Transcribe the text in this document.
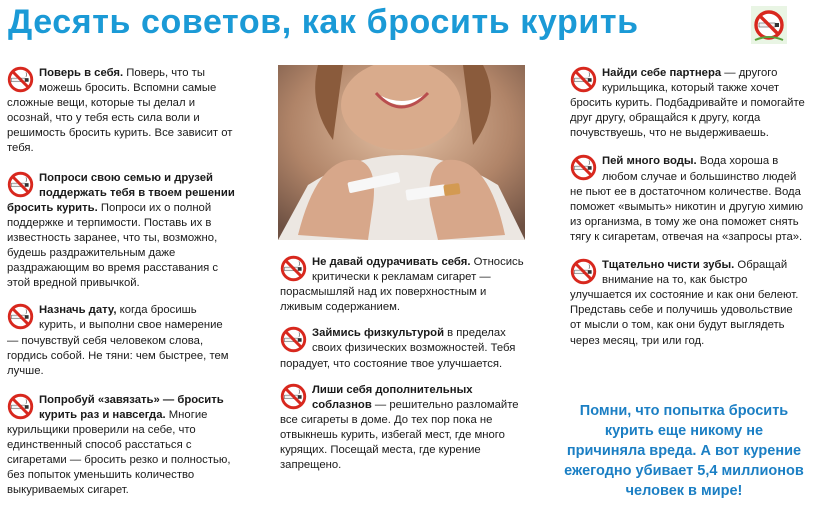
Десять советов, как бросить курить
Поверь в себя. Поверь, что ты можешь бросить. Вспомни самые сложные вещи, которые ты делал и осознай, что у тебя есть сила воли и решимость бросить курить. Все зависит от тебя.
Попроси свою семью и друзей поддержать тебя в твоем решении бросить курить. Попроси их о полной поддержке и терпимости. Поставь их в известность заранее, что ты, возможно, будешь раздражительным даже раздражающим во время расставания с этой вредной привычкой.
Назначь дату, когда бросишь курить, и выполни свое намерение — почувствуй себя человеком слова, гордись собой. Не тяни: чем быстрее, тем лучше.
Попробуй «завязать» — бросить курить раз и навсегда. Многие курильщики проверили на себе, что единственный способ расстаться с сигаретами — бросить резко и полностью, без попыток уменьшить количество выкуриваемых сигарет.
Не давай одурачивать себя. Относись критически к рекламам сигарет — порасмышляй над их поверхностным и лживым содержанием.
Займись физкультурой в пределах своих физических возможностей. Тебя порадует, что состояние твое улучшается.
Лиши себя дополнительных соблазнов — решительно разломайте все сигареты в доме. До тех пор пока не отвыкнешь курить, избегай мест, где много курящих. Посещай места, где курение запрещено.
Найди себе партнера — другого курильщика, который также хочет бросить курить. Подбадривайте и помогайте друг другу, обращайся к другу, когда почувствуешь, что не выдерживаешь.
Пей много воды. Вода хороша в любом случае и большинство людей не пьют ее в достаточном количестве. Вода поможет «вымыть» никотин и другую химию из организма, в тому же она поможет снять тягу к сигаретам, отвечая на «запросы рта».
Тщательно чисти зубы. Обращай внимание на то, как быстро улучшается их состояние и как они белеют. Представь себе и получишь удовольствие от мысли о том, как они будут выглядеть через месяц, три или год.
Помни, что попытка бросить курить еще никому не причиняла вреда. А вот курение ежегодно убивает 5,4 миллионов человек в мире!
